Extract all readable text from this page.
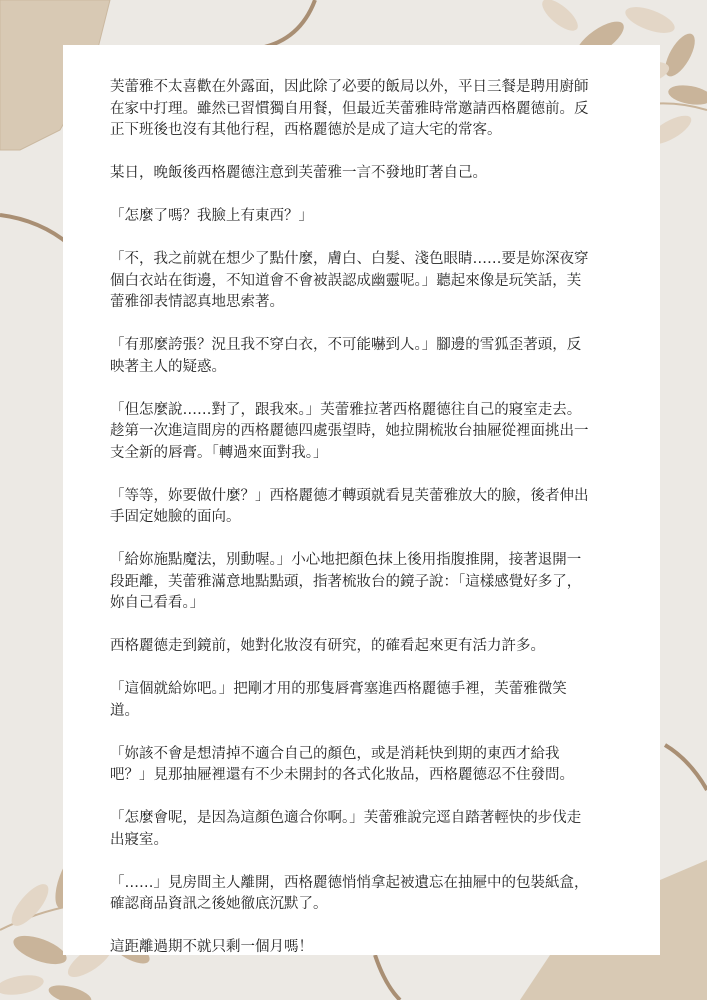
芙蕾雅不太喜歡在外露面，因此除了必要的飯局以外，平日三餐是聘用廚師在家中打理。雖然已習慣獨自用餐，但最近芙蕾雅時常邀請西格麗德前。反正下班後也沒有其他行程，西格麗德於是成了這大宅的常客。

某日，晚飯後西格麗德注意到芙蕾雅一言不發地盯著自己。

「怎麼了嗎？我臉上有東西？」

「不，我之前就在想少了點什麼，膚白、白髮、淺色眼睛……要是妳深夜穿個白衣站在街邊，不知道會不會被誤認成幽靈呢。」聽起來像是玩笑話，芙蕾雅卻表情認真地思索著。

「有那麼誇張？況且我不穿白衣，不可能嚇到人。」腳邊的雪狐歪著頭，反映著主人的疑惑。

「但怎麼說……對了，跟我來。」芙蕾雅拉著西格麗德往自己的寢室走去。趁第一次進這間房的西格麗德四處張望時，她拉開梳妝台抽屜從裡面挑出一支全新的唇膏。「轉過來面對我。」

「等等，妳要做什麼？」西格麗德才轉頭就看見芙蕾雅放大的臉，後者伸出手固定她臉的面向。

「給妳施點魔法，別動喔。」小心地把顏色抹上後用指腹推開，接著退開一段距離，芙蕾雅滿意地點點頭，指著梳妝台的鏡子說：「這樣感覺好多了，妳自己看看。」

西格麗德走到鏡前，她對化妝沒有研究，的確看起來更有活力許多。

「這個就給妳吧。」把剛才用的那隻唇膏塞進西格麗德手裡，芙蕾雅微笑道。

「妳該不會是想清掉不適合自己的顏色，或是消耗快到期的東西才給我吧？」見那抽屜裡還有不少未開封的各式化妝品，西格麗德忍不住發問。

「怎麼會呢，是因為這顏色適合你啊。」芙蕾雅說完逕自踏著輕快的步伐走出寢室。

「……」見房間主人離開，西格麗德悄悄拿起被遺忘在抽屜中的包裝紙盒，確認商品資訊之後她徹底沉默了。

這距離過期不就只剩一個月嗎！
